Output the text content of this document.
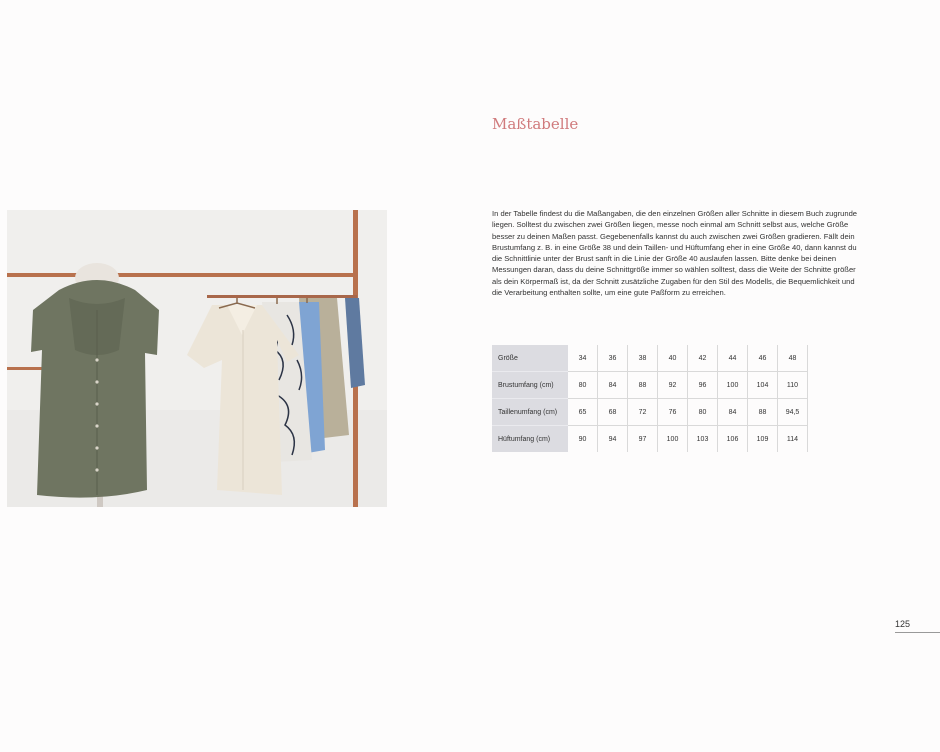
Maßtabelle

In der Tabelle findest du die Maßangaben, die den einzelnen Größen aller Schnitte in diesem Buch zugrunde liegen. Solltest du zwischen zwei Größen liegen, messe noch einmal am Schnitt selbst aus, welche Größe besser zu deinen Maßen passt. Gegebenenfalls kannst du auch zwischen zwei Größen gradieren. Fällt dein Brustumfang z. B. in eine Größe 38 und dein Taillen- und Hüftumfang eher in eine Größe 40, dann kannst du die Schnittlinie unter der Brust sanft in die Linie der Größe 40 auslaufen lassen. Bitte denke bei deinen Messungen daran, dass du deine Schnittgröße immer so wählen solltest, dass die Weite der Schnitte größer als dein Körpermaß ist, da der Schnitt zusätzliche Zugaben für den Stil des Modells, die Bequemlichkeit und die Verarbeitung enthalten sollte, um eine gute Paßform zu erreichen.

Größe	34	36	38	40	42	44	46	48
Brustumfang (cm)	80	84	88	92	96	100	104	110
Taillenumfang (cm)	65	68	72	76	80	84	88	94,5
Hüftumfang (cm)	90	94	97	100	103	106	109	114
125
